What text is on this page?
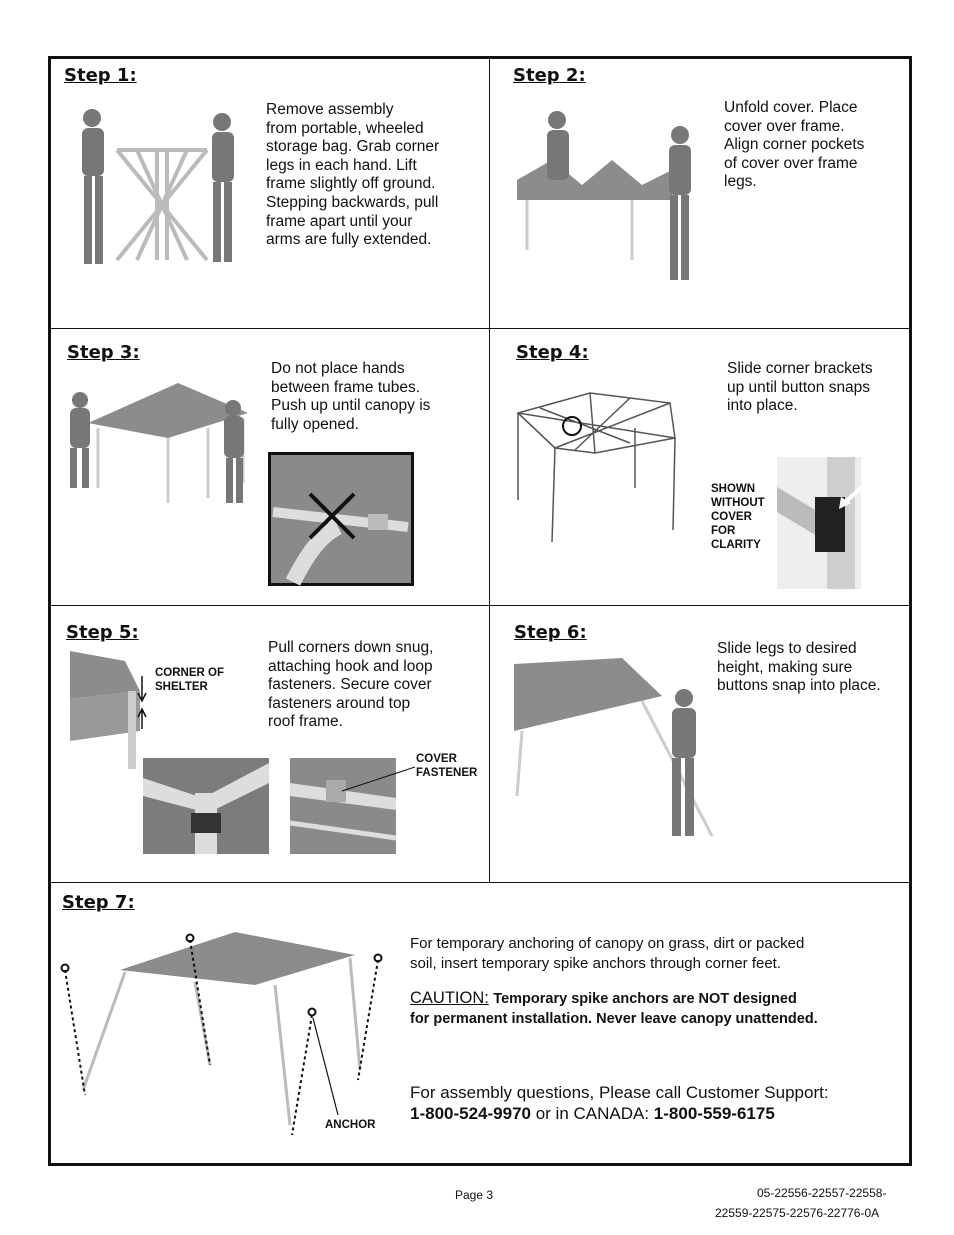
Step 1:
Remove assembly
from portable, wheeled
storage bag. Grab corner
legs in each hand. Lift
frame slightly off ground.
Stepping backwards, pull
frame apart until your
arms are fully extended.
Step 2:
Unfold cover. Place
cover over frame.
Align corner pockets
of cover over frame
legs.
Step 3:
Do not place hands
between frame tubes.
Push up until canopy is
fully opened.
Step 4:
Slide corner brackets
up until button snaps
into place.
SHOWN
WITHOUT
COVER
FOR
CLARITY
Step 5:
Pull corners down snug,
attaching hook and loop
fasteners. Secure cover
fasteners around top
roof frame.
CORNER OF
SHELTER
COVER
FASTENER
Step 6:
Slide legs to desired
height, making sure
buttons snap into place.
Step 7:
ANCHOR
For temporary anchoring of canopy on grass, dirt or packed
soil, insert temporary spike anchors through corner feet.
CAUTION: Temporary spike anchors are NOT designed
for permanent installation. Never leave canopy unattended.
For assembly questions, Please call Customer Support:
1-800-524-9970 or in CANADA: 1-800-559-6175
Page 3	05-22556-22557-22558-
22559-22575-22576-22776-0A
